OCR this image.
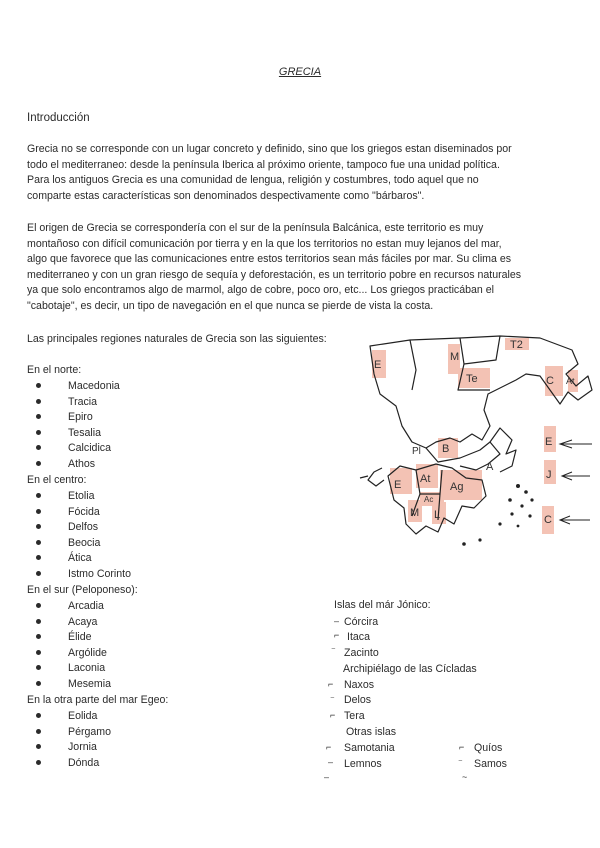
GRECIA
Introducción
Grecia no se corresponde con un lugar concreto y definido, sino que los griegos estan diseminados por
todo el mediterraneo: desde la península Iberica al próximo oriente, tampoco fue una unidad política.
Para los antiguos Grecia es una comunidad de lengua, religión y costumbres, todo aquel que no
comparte estas características son denominados despectivamente como "bárbaros".
El origen de Grecia se correspondería con el sur de la península Balcánica, este territorio es muy
montañoso con difícil comunicación por tierra y en la que los territorios no estan muy lejanos del mar,
algo que favorece que las comunicaciones entre estos territorios sean más fáciles por mar. Su clima es
mediterraneo y con un gran riesgo de sequía y deforestación, es un territorio pobre en recursos naturales
ya que solo encontramos algo de marmol, algo de cobre, poco oro, etc... Los griegos practicában el
"cabotaje", es decir, un tipo de navegación en el que nunca se pierde de vista la costa.
Las principales regiones naturales de Grecia son las siguientes:
En el norte:
Macedonia
Tracia
Epiro
Tesalia
Calcidica
Athos
En el centro:
Etolia
Fócida
Delfos
Beocia
Ática
Istmo Corinto
En el sur (Peloponeso):
Arcadia
Acaya
Élide
Argólide
Laconia
Mesemia
En la otra parte del mar Egeo:
Eolida
Pérgamo
Jornia
Dónda
Islas del már Jónico:
– Córcira
⌐ Itaca
⁻ Zacinto
Archipiélago de las Cícladas
⌐ Naxos
⁻ Delos
⌐ Tera
Otras islas
⌐ Samotania
– Lemnos
–
⌐ Quíos
⁻ Samos
~
E
M
T2
Te	C At
Pl B
E At
Ag
Ac
M L
A
E
J
C
